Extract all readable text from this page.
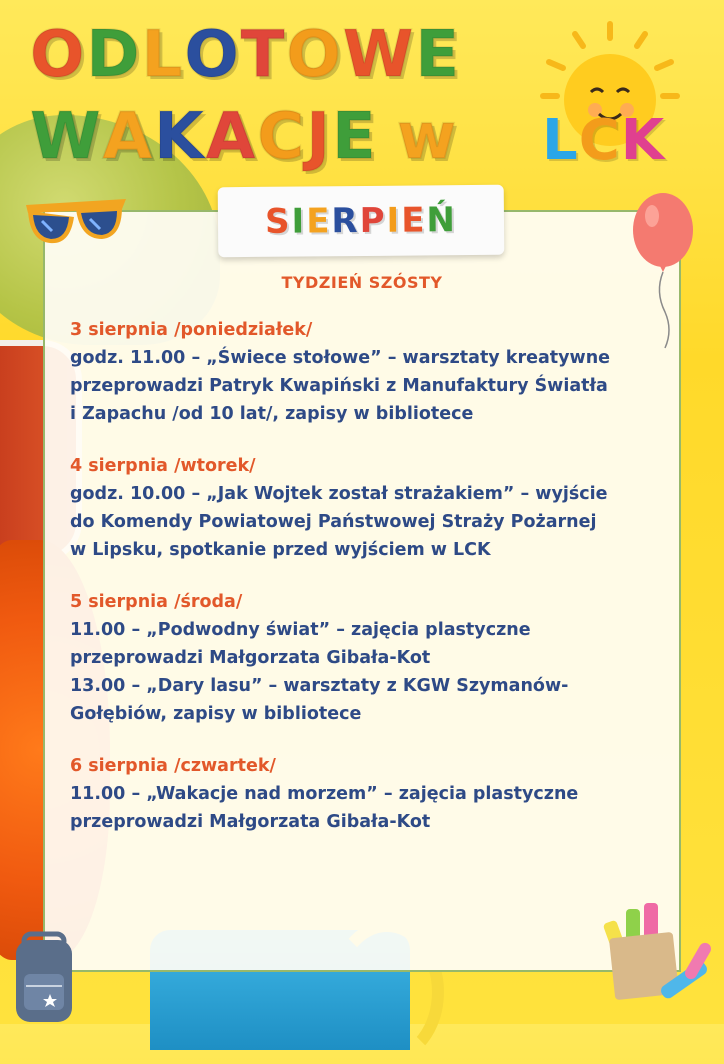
ODLOTOWE
WAKACJE w LCK
SIERPIEŃ
TYDZIEŃ SZÓSTY
3 sierpnia /poniedziałek/
godz. 11.00 – „Świece stołowe” – warsztaty kreatywne
przeprowadzi Patryk Kwapiński z Manufaktury Światła
i Zapachu /od 10 lat/, zapisy w bibliotece
4 sierpnia /wtorek/
godz. 10.00 – „Jak Wojtek został strażakiem” – wyjście
do Komendy Powiatowej Państwowej Straży Pożarnej
w Lipsku, spotkanie przed wyjściem w LCK
5 sierpnia /środa/
11.00 – „Podwodny świat” – zajęcia plastyczne
przeprowadzi Małgorzata Gibała-Kot
13.00 – „Dary lasu” – warsztaty z KGW Szymanów-
Gołębiów, zapisy w bibliotece
6 sierpnia /czwartek/
11.00 – „Wakacje nad morzem” – zajęcia plastyczne
przeprowadzi Małgorzata Gibała-Kot
